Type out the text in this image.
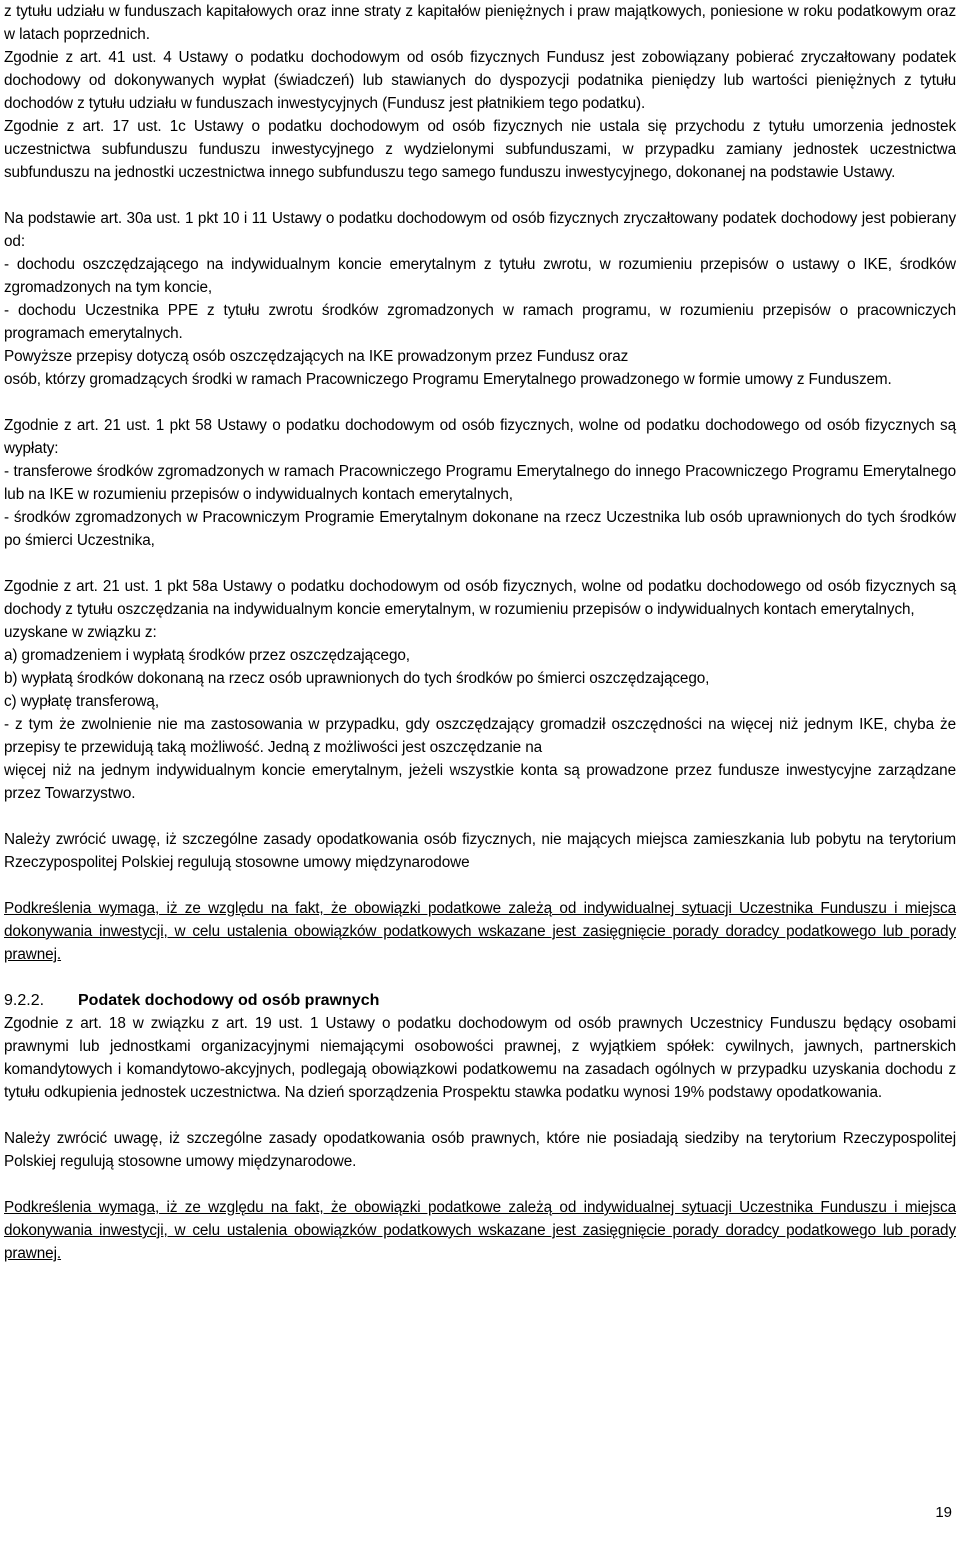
z tytułu udziału w funduszach kapitałowych oraz inne straty z kapitałów pieniężnych i praw majątkowych, poniesione w roku podatkowym oraz w latach poprzednich.

Zgodnie z art. 41 ust. 4 Ustawy o podatku dochodowym od osób fizycznych Fundusz jest zobowiązany pobierać zryczałtowany podatek dochodowy od dokonywanych wypłat (świadczeń) lub stawianych do dyspozycji podatnika pieniędzy lub wartości pieniężnych z tytułu dochodów z tytułu udziału w funduszach inwestycyjnych (Fundusz jest płatnikiem tego podatku).

Zgodnie z art. 17 ust. 1c Ustawy o podatku dochodowym od osób fizycznych nie ustala się przychodu z tytułu umorzenia jednostek uczestnictwa subfunduszu funduszu inwestycyjnego z wydzielonymi subfunduszami, w przypadku zamiany jednostek uczestnictwa subfunduszu na jednostki uczestnictwa innego subfunduszu tego samego funduszu inwestycyjnego, dokonanej na podstawie Ustawy.

Na podstawie art. 30a ust. 1 pkt 10 i 11 Ustawy o podatku dochodowym od osób fizycznych zryczałtowany podatek dochodowy jest pobierany od:

- dochodu oszczędzającego na indywidualnym koncie emerytalnym z tytułu zwrotu, w rozumieniu przepisów o ustawy o IKE, środków zgromadzonych na tym koncie,

- dochodu Uczestnika PPE z tytułu zwrotu środków zgromadzonych w ramach programu, w rozumieniu przepisów o pracowniczych programach emerytalnych.

Powyższe przepisy dotyczą osób oszczędzających na IKE prowadzonym przez Fundusz oraz

osób, którzy gromadzących środki w ramach Pracowniczego Programu Emerytalnego prowadzonego w formie umowy z Funduszem.

Zgodnie z art. 21 ust. 1 pkt 58 Ustawy o podatku dochodowym od osób fizycznych, wolne od podatku dochodowego od osób fizycznych są wypłaty:

- transferowe środków zgromadzonych w ramach Pracowniczego Programu Emerytalnego do innego Pracowniczego Programu Emerytalnego lub na IKE w rozumieniu przepisów o indywidualnych kontach emerytalnych,

- środków zgromadzonych w Pracowniczym Programie Emerytalnym dokonane na rzecz Uczestnika lub osób uprawnionych do tych środków po śmierci Uczestnika,

Zgodnie z art. 21 ust. 1 pkt 58a Ustawy o podatku dochodowym od osób fizycznych, wolne od podatku dochodowego od osób fizycznych są dochody z tytułu oszczędzania na indywidualnym koncie emerytalnym, w rozumieniu przepisów o indywidualnych kontach emerytalnych,

uzyskane w związku z:

a) gromadzeniem i wypłatą środków przez oszczędzającego,

b) wypłatą środków dokonaną na rzecz osób uprawnionych do tych środków po śmierci oszczędzającego,

c) wypłatę transferową,

- z tym że zwolnienie nie ma zastosowania w przypadku, gdy oszczędzający gromadził oszczędności na więcej niż jednym IKE, chyba że przepisy te przewidują taką możliwość. Jedną z możliwości jest oszczędzanie na

więcej niż na jednym indywidualnym koncie emerytalnym, jeżeli wszystkie konta są prowadzone przez fundusze inwestycyjne zarządzane przez Towarzystwo.

Należy zwrócić uwagę, iż szczególne zasady opodatkowania osób fizycznych, nie mających miejsca zamieszkania lub pobytu na terytorium Rzeczypospolitej Polskiej regulują stosowne umowy międzynarodowe

Podkreślenia wymaga, iż ze względu na fakt, że obowiązki podatkowe zależą od indywidualnej sytuacji Uczestnika Funduszu i miejsca dokonywania inwestycji, w celu ustalenia obowiązków podatkowych wskazane jest zasięgnięcie porady doradcy podatkowego lub porady prawnej.

9.2.2. Podatek dochodowy od osób prawnych

Zgodnie z art. 18 w związku z art. 19 ust. 1 Ustawy o podatku dochodowym od osób prawnych Uczestnicy Funduszu będący osobami prawnymi lub jednostkami organizacyjnymi niemającymi osobowości prawnej, z wyjątkiem spółek: cywilnych, jawnych, partnerskich komandytowych i komandytowo-akcyjnych, podlegają obowiązkowi podatkowemu na zasadach ogólnych w przypadku uzyskania dochodu z tytułu odkupienia jednostek uczestnictwa. Na dzień sporządzenia Prospektu stawka podatku wynosi 19% podstawy opodatkowania.

Należy zwrócić uwagę, iż szczególne zasady opodatkowania osób prawnych, które nie posiadają siedziby na terytorium Rzeczypospolitej Polskiej regulują stosowne umowy międzynarodowe.

Podkreślenia wymaga, iż ze względu na fakt, że obowiązki podatkowe zależą od indywidualnej sytuacji Uczestnika Funduszu i miejsca dokonywania inwestycji, w celu ustalenia obowiązków podatkowych wskazane jest zasięgnięcie porady doradcy podatkowego lub porady prawnej.

19
